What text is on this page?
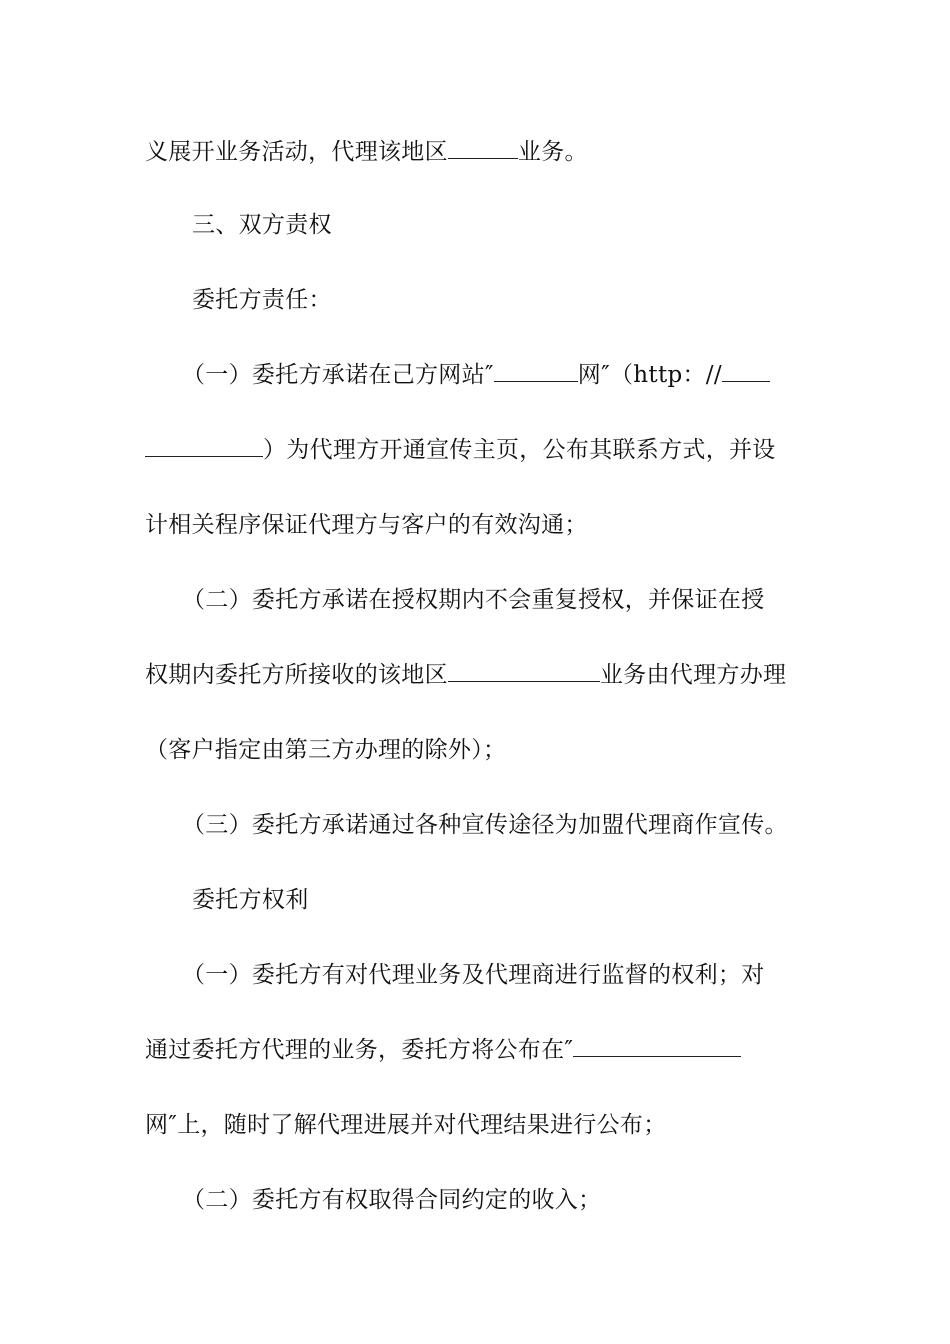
义展开业务活动，代理该地区	业务。
三、双方责权
委托方责任：
（一）委托方承诺在己方网站″	网″（http：//
）为代理方开通宣传主页，公布其联系方式，并设
计相关程序保证代理方与客户的有效沟通；
（二）委托方承诺在授权期内不会重复授权，并保证在授
权期内委托方所接收的该地区	业务由代理方办理
（客户指定由第三方办理的除外）；
（三）委托方承诺通过各种宣传途径为加盟代理商作宣传。
委托方权利
（一）委托方有对代理业务及代理商进行监督的权利；对
通过委托方代理的业务，委托方将公布在″
网″上，随时了解代理进展并对代理结果进行公布；
（二）委托方有权取得合同约定的收入；
